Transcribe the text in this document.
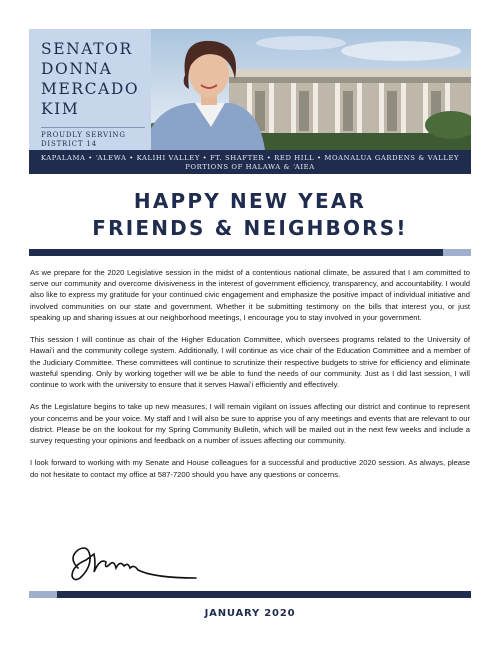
SENATOR
DONNA
MERCADO
KIM
PROUDLY SERVING
DISTRICT 14
KAPALAMA • ʻALEWA • KALIHI VALLEY • FT. SHAFTER • RED HILL • MOANALUA GARDENS & VALLEY
PORTIONS OF HALAWA & ʻAIEA
HAPPY NEW YEAR
FRIENDS & NEIGHBORS!

As we prepare for the 2020 Legislative session in the midst of a contentious national climate, be assured that I am committed to serve our community and overcome divisiveness in the interest of government efficiency, transparency, and accountability. I would also like to express my gratitude for your continued civic engagement and emphasize the positive impact of individual initiative and involved communities on our state and government. Whether it be submitting testimony on the bills that interest you, or just speaking up and sharing issues at our neighborhood meetings, I encourage you to stay involved in your government.

This session I will continue as chair of the Higher Education Committee, which oversees programs related to the University of Hawaiʻi and the community college system. Additionally, I will continue as vice chair of the Education Committee and a member of the Judiciary Committee. These committees will continue to scrutinize their respective budgets to strive for efficiency and eliminate wasteful spending. Only by working together will we be able to fund the needs of our community. Just as I did last session, I will continue to work with the university to ensure that it serves Hawaiʻi efficiently and effectively.

As the Legislature begins to take up new measures, I will remain vigilant on issues affecting our district and continue to represent your concerns and be your voice. My staff and I will also be sure to apprise you of any meetings and events that are relevant to our district. Please be on the lookout for my Spring Community Bulletin, which will be mailed out in the next few weeks and include a survey requesting your opinions and feedback on a number of issues affecting our community.

I look forward to working with my Senate and House colleagues for a successful and productive 2020 session. As always, please do not hesitate to contact my office at 587-7200 should you have any questions or concerns.

JANUARY 2020
